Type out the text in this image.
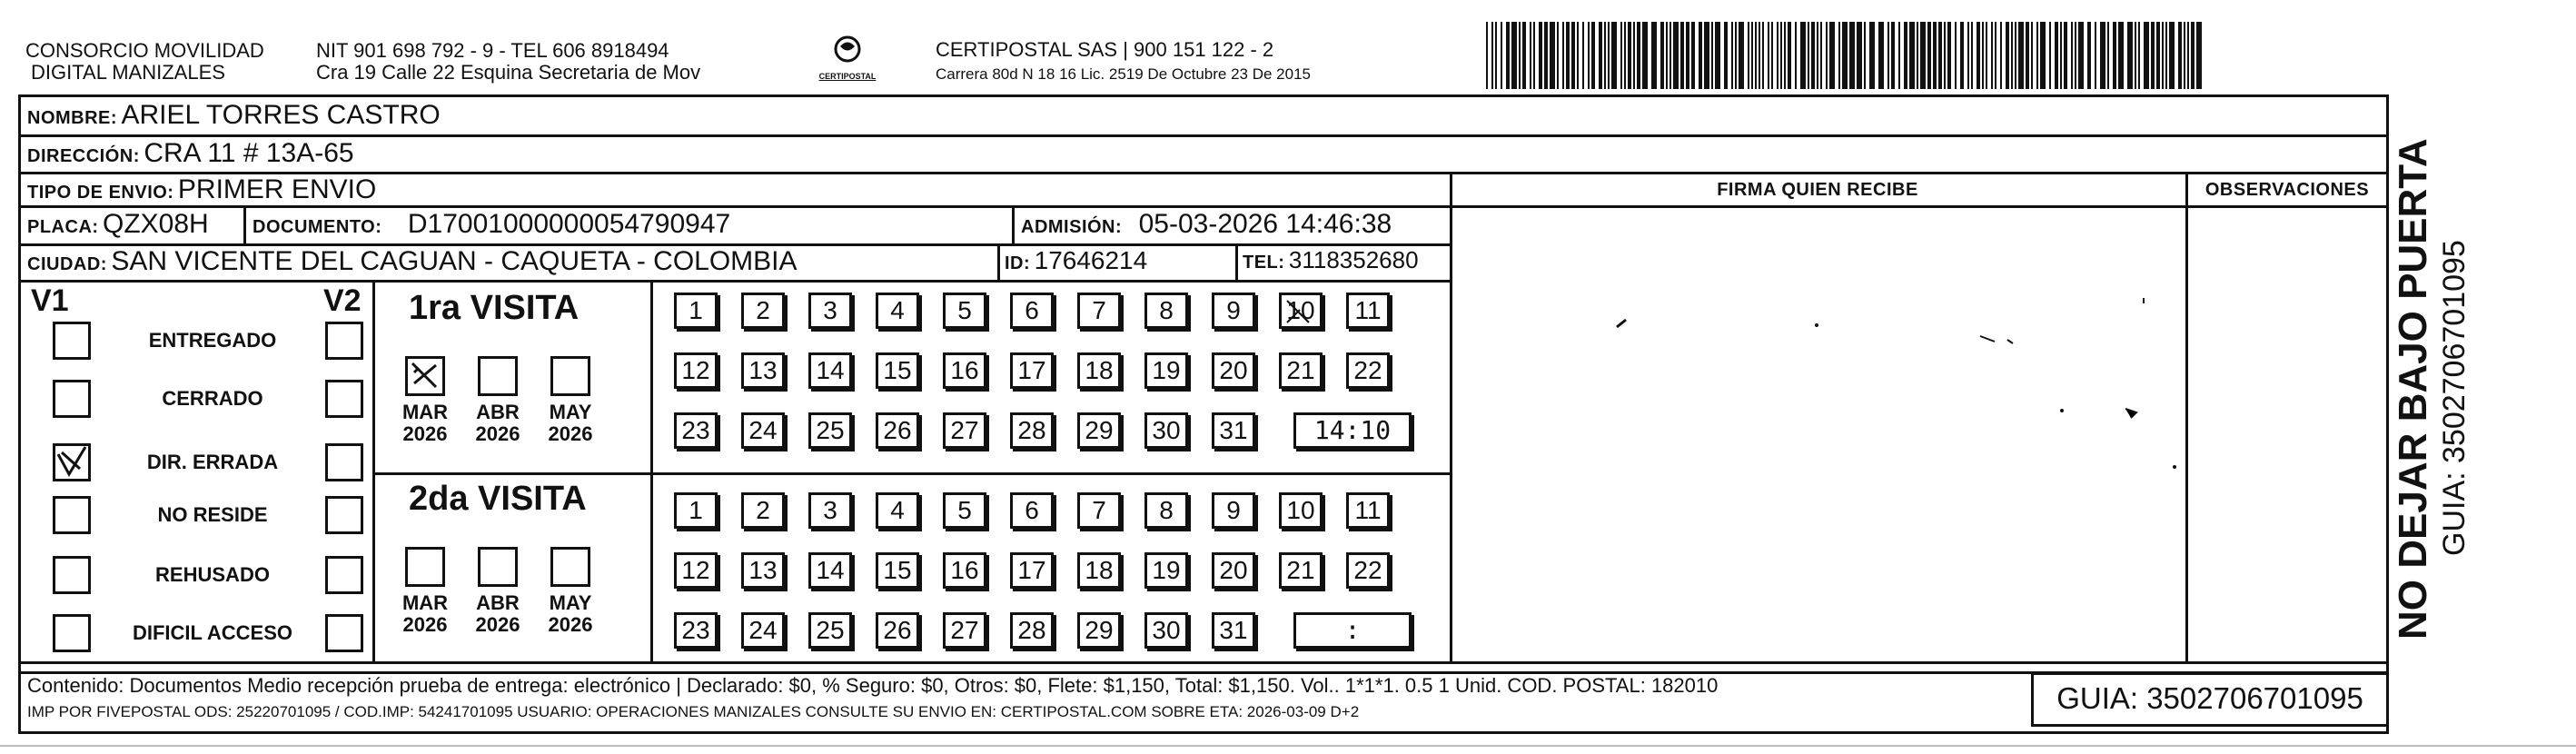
CONSORCIO MOVILIDAD
DIGITAL MANIZALES
NIT 901 698 792 - 9 - TEL 606 8918494
Cra 19 Calle 22 Esquina Secretaria de Mov	CERTIPOSTAL
CERTIPOSTAL SAS | 900 151 122 - 2
Carrera 80d N 18 16 Lic. 2519 De Octubre 23 De 2015
NOMBRE: ARIEL TORRES CASTRO
DIRECCIÓN: CRA 11 # 13A-65
TIPO DE ENVIO: PRIMER ENVIO	FIRMA QUIEN RECIBE	OBSERVACIONES
PLACA: QZX08H DOCUMENTO: D17001000000054790947	ADMISIÓN: 05-03-2026 14:46:38
CIUDAD: SAN VICENTE DEL CAGUAN - CAQUETA - COLOMBIA	ID: 17646214	TEL: 3118352680
V1	V2
ENTREGADO
CERRADO
DIR. ERRADA
NO RESIDE
REHUSADO
DIFICIL ACCESO
1ra VISITA
2da VISITA
MAR
2026
ABR
2026
MAY
2026
MAR
2026
ABR
2026
MAY
2026
1	2	3	4	5	6	7	8	9	10	11
12	13	14	15	16	17	18	19	20	21	22
23	24	25	26	27	28	29	30	31	14:10
1	2	3	4	5	6	7	8	9	10	11
12	13	14	15	16	17	18	19	20	21	22
23	24	25	26	27	28	29	30	31	:
Contenido: Documentos Medio recepción prueba de entrega: electrónico | Declarado: $0, % Seguro: $0, Otros: $0, Flete: $1,150, Total: $1,150. Vol.. 1*1*1. 0.5 1 Unid. COD. POSTAL: 182010
IMP POR FIVEPOSTAL ODS: 25220701095 / COD.IMP: 54241701095 USUARIO: OPERACIONES MANIZALES CONSULTE SU ENVIO EN: CERTIPOSTAL.COM SOBRE ETA: 2026-03-09 D+2	GUIA: 3502706701095
NO DEJAR BAJO PUERTA GUIA: 3502706701095
